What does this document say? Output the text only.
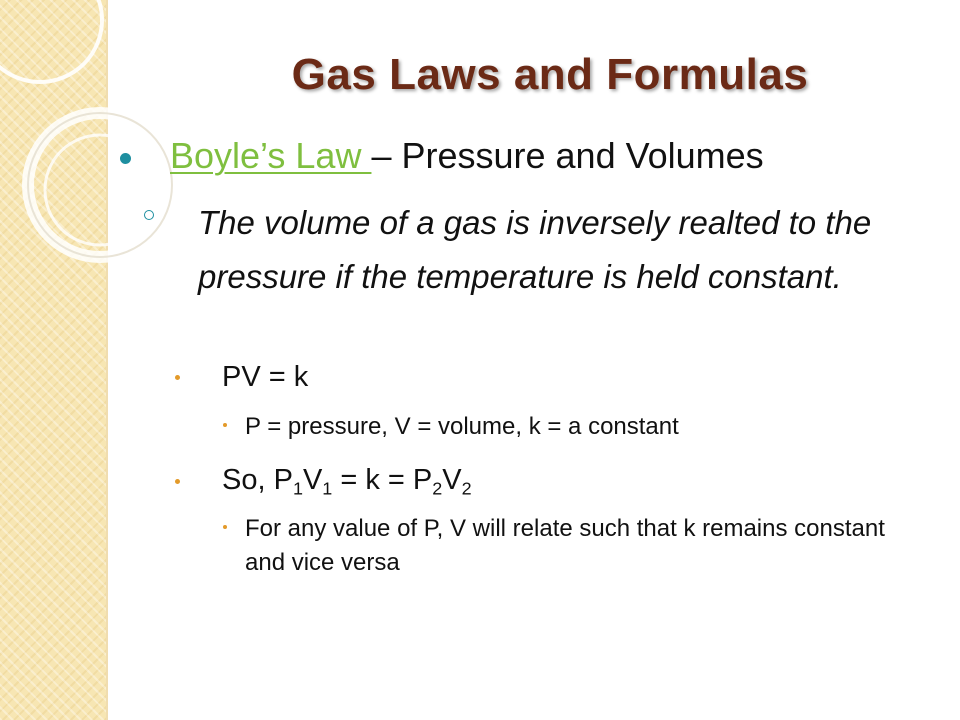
Gas Laws and Formulas
Boyle’s Law – Pressure and Volumes
The volume of a gas is inversely realted to the pressure if the temperature is held constant.
PV = k
P = pressure, V = volume, k = a constant
So, $P_1V_1 = k = P_2V_2$
For any value of P, V will relate such that k remains constant and vice versa
